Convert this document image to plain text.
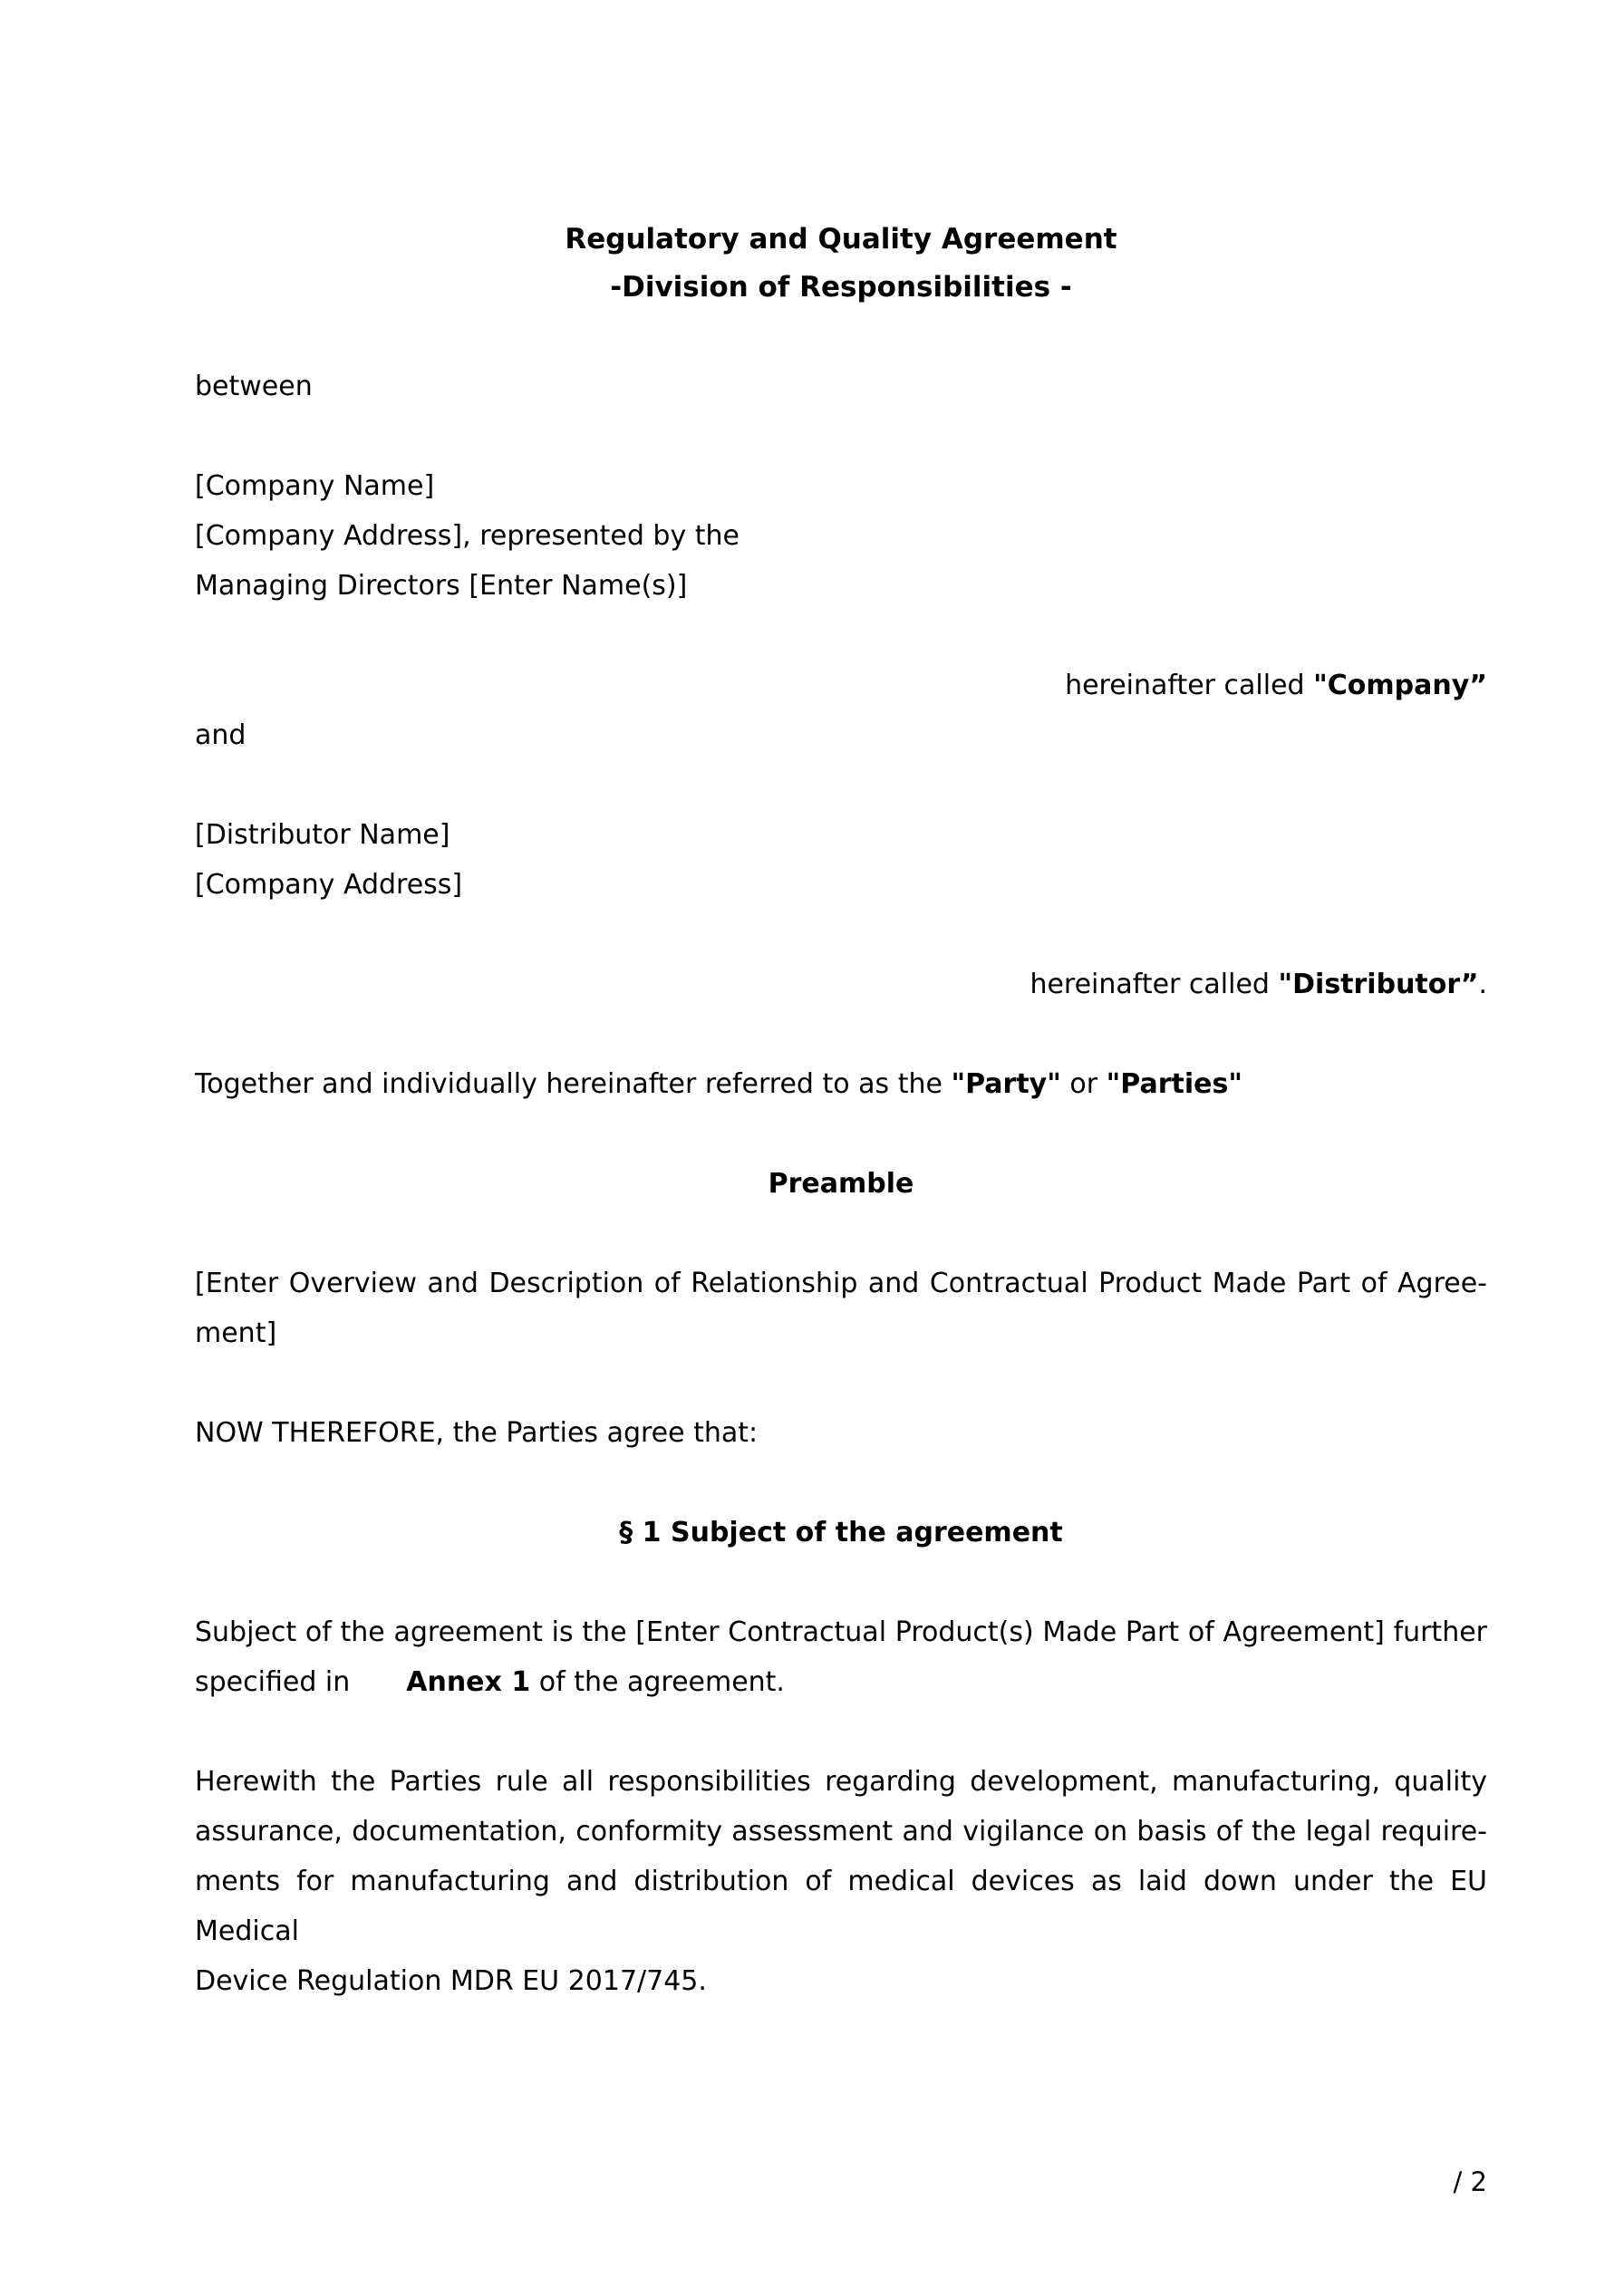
Regulatory and Quality Agreement
-Division of Responsibilities -
between
[Company Name]
[Company Address], represented by the
Managing Directors [Enter Name(s)]
hereinafter called "Company”
and
[Distributor Name]
[Company Address]
hereinafter called "Distributor”.
Together and individually hereinafter referred to as the "Party" or "Parties"
Preamble
[Enter Overview and Description of Relationship and Contractual Product Made Part of Agree-
ment]
NOW THEREFORE, the Parties agree that:
§ 1 Subject of the agreement
Subject of the agreement is the [Enter Contractual Product(s) Made Part of Agreement] further
specified in Annex 1 of the agreement.
Herewith the Parties rule all responsibilities regarding development, manufacturing, quality
assurance, documentation, conformity assessment and vigilance on basis of the legal require-
ments for manufacturing and distribution of medical devices as laid down under the EU Medical
Device Regulation MDR EU 2017/745.
/ 2
